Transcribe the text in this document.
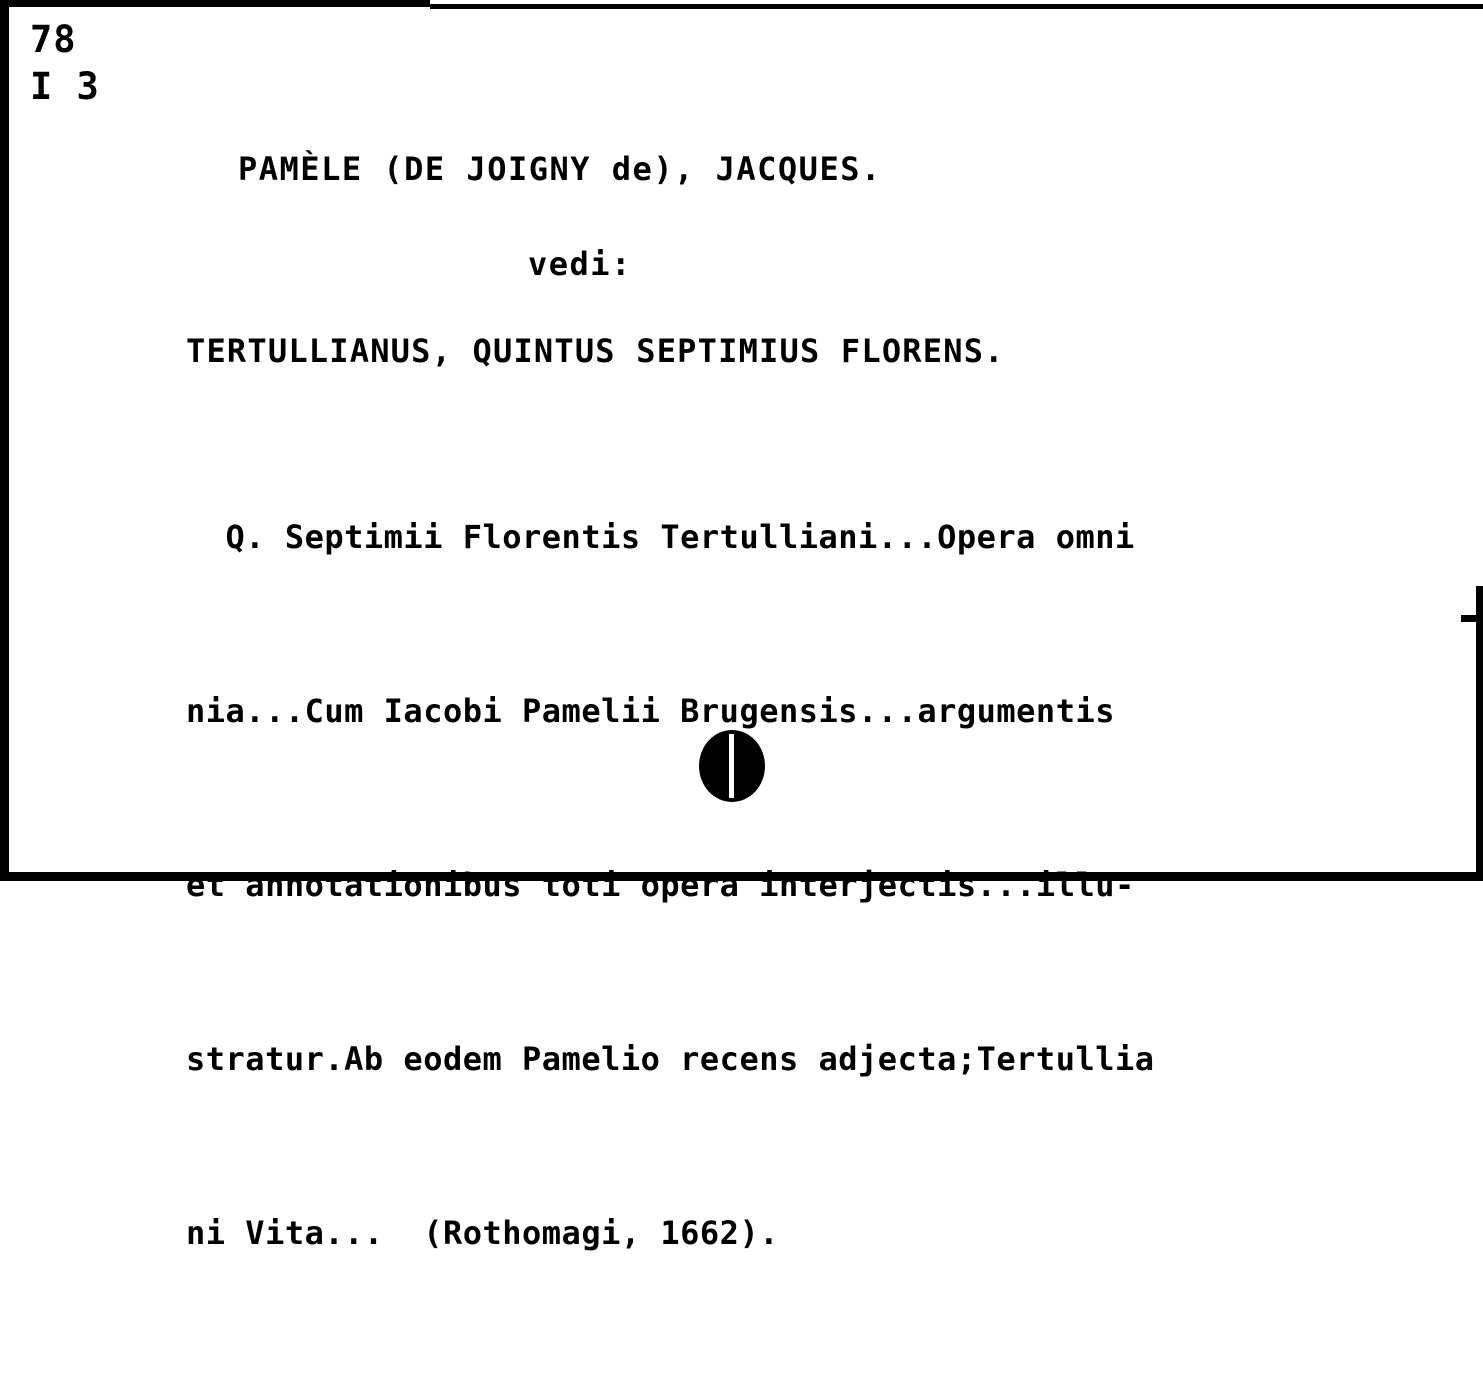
78
I 3
PAMÈLE (DE JOIGNY de), JACQUES.
vedi:
TERTULLIANUS, QUINTUS SEPTIMIUS FLORENS.

Q. Septimii Florentis Tertulliani...Opera omni

nia...Cum Iacobi Pamelii Brugensis...argumentis

et annotationibus toti opera interjectis...illu-

stratur.Ab eodem Pamelio recens adjecta;Tertullia

ni Vita...  (Rothomagi, 1662).
